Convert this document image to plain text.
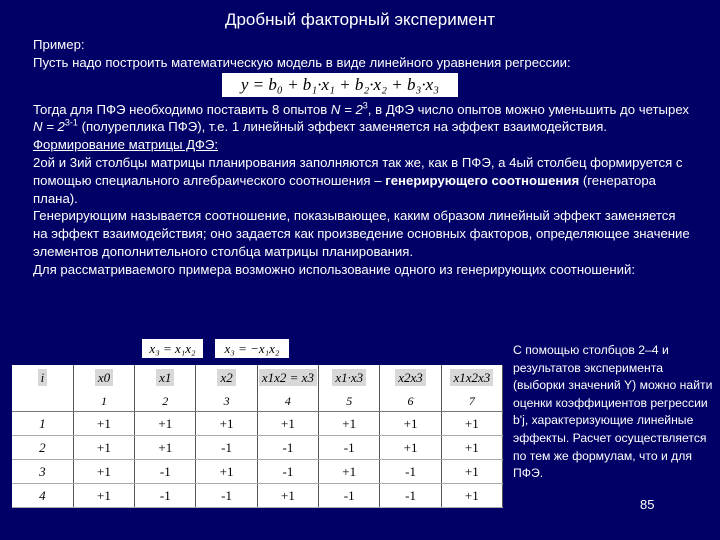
Дробный факторный эксперимент

Пример:

Пусть надо построить математическую модель в виде линейного уравнения регрессии:

Тогда для ПФЭ необходимо поставить 8 опытов $N = 2^3$, в ДФЭ число опытов можно уменьшить до четырех $N = 2^{3-1}$ (полуреплика ПФЭ), т.е. 1 линейный эффект заменяется на эффект взаимодействия.

Формирование матрицы ДФЭ:

2ой и 3ий столбцы матрицы планирования заполняются так же, как в ПФЭ, а 4ый столбец формируется с помощью специального алгебраического соотношения – генерирующего соотношения (генератора плана).

Генерирующим называется соотношение, показывающее, каким образом линейный эффект заменяется на эффект взаимодействия; оно задается как произведение основных факторов, определяющее значение элементов дополнительного столбца матрицы планирования.

Для рассматриваемого примера возможно использование одного из генерирующих соотношений:

y = b₀ + b₁·x₁ + b₂·x₂ + b₃·x₃
x₃ = x₁x₂	x₃ = −x₁x₂
i	x0	x1	x2	x1x2 = x3	x1·x3	x2x3	x1x2x3
	1	2	3	4	5	6	7
1	+1	+1	+1	+1	+1	+1	+1
2	+1	+1	-1	-1	-1	+1	+1
3	+1	-1	+1	-1	+1	-1	+1
4	+1	-1	-1	+1	-1	-1	+1
С помощью столбцов 2–4 и результатов эксперимента (выборки значений Y) можно найти оценки коэффициентов регрессии b'j, характеризующие линейные эффекты. Расчет осуществляется по тем же формулам, что и для ПФЭ.
85
